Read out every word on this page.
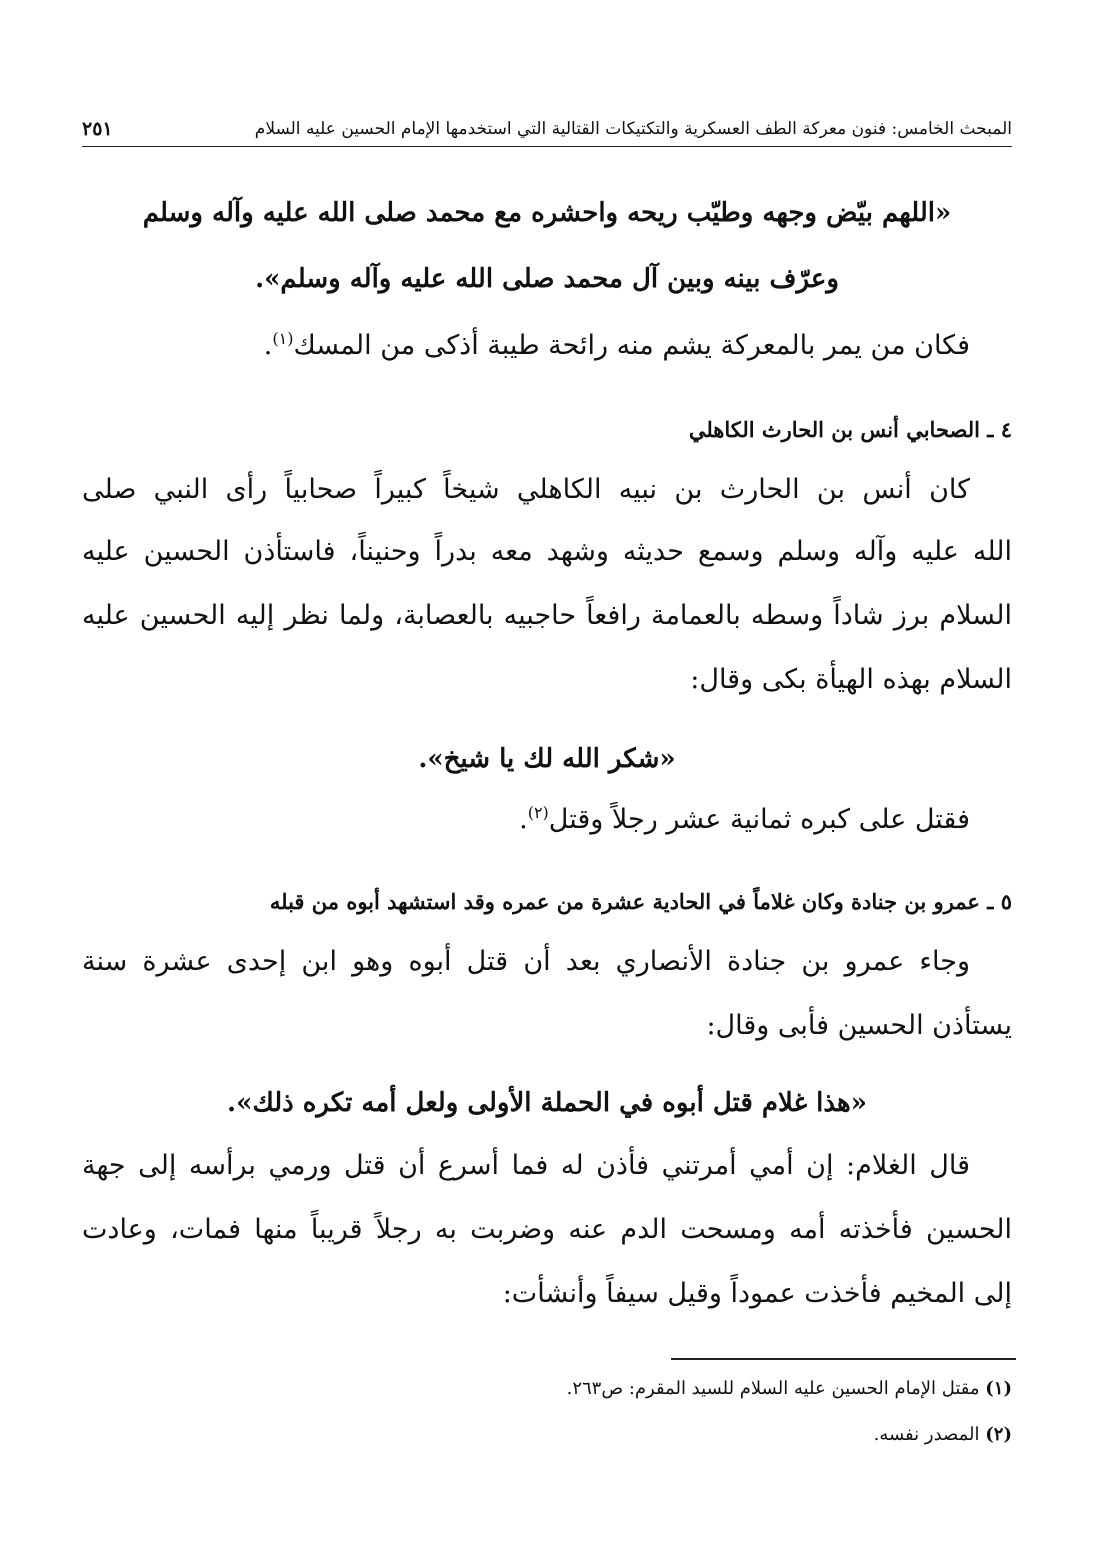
المبحث الخامس: فنون معركة الطف العسكرية والتكتيكات القتالية التي استخدمها الإمام الحسين عليه السلام
٢٥١
«اللهم بيّض وجهه وطيّب ريحه واحشره مع محمد صلى الله عليه وآله وسلم
وعرّف بينه وبين آل محمد صلى الله عليه وآله وسلم».
فكان من يمر بالمعركة يشم منه رائحة طيبة أذكى من المسك$^{(١)}$.
٤ ـ الصحابي أنس بن الحارث الكاهلي
كان أنس بن الحارث بن نبيه الكاهلي شيخاً كبيراً صحابياً رأى النبي صلى
الله عليه وآله وسلم وسمع حديثه وشهد معه بدراً وحنيناً، فاستأذن الحسين عليه
السلام برز شاداً وسطه بالعمامة رافعاً حاجبيه بالعصابة، ولما نظر إليه الحسين عليه
السلام بهذه الهيأة بكى وقال:
«شكر الله لك يا شيخ».
فقتل على كبره ثمانية عشر رجلاً وقتل$^{(٢)}$.
٥ ـ عمرو بن جنادة وكان غلاماً في الحادية عشرة من عمره وقد استشهد أبوه من قبله
وجاء عمرو بن جنادة الأنصاري بعد أن قتل أبوه وهو ابن إحدى عشرة سنة
يستأذن الحسين فأبى وقال:
«هذا غلام قتل أبوه في الحملة الأولى ولعل أمه تكره ذلك».
قال الغلام: إن أمي أمرتني فأذن له فما أسرع أن قتل ورمي برأسه إلى جهة
الحسين فأخذته أمه ومسحت الدم عنه وضربت به رجلاً قريباً منها فمات، وعادت
إلى المخيم فأخذت عموداً وقيل سيفاً وأنشأت:
(١) مقتل الإمام الحسين عليه السلام للسيد المقرم: ص٢٦٣.
(٢) المصدر نفسه.
